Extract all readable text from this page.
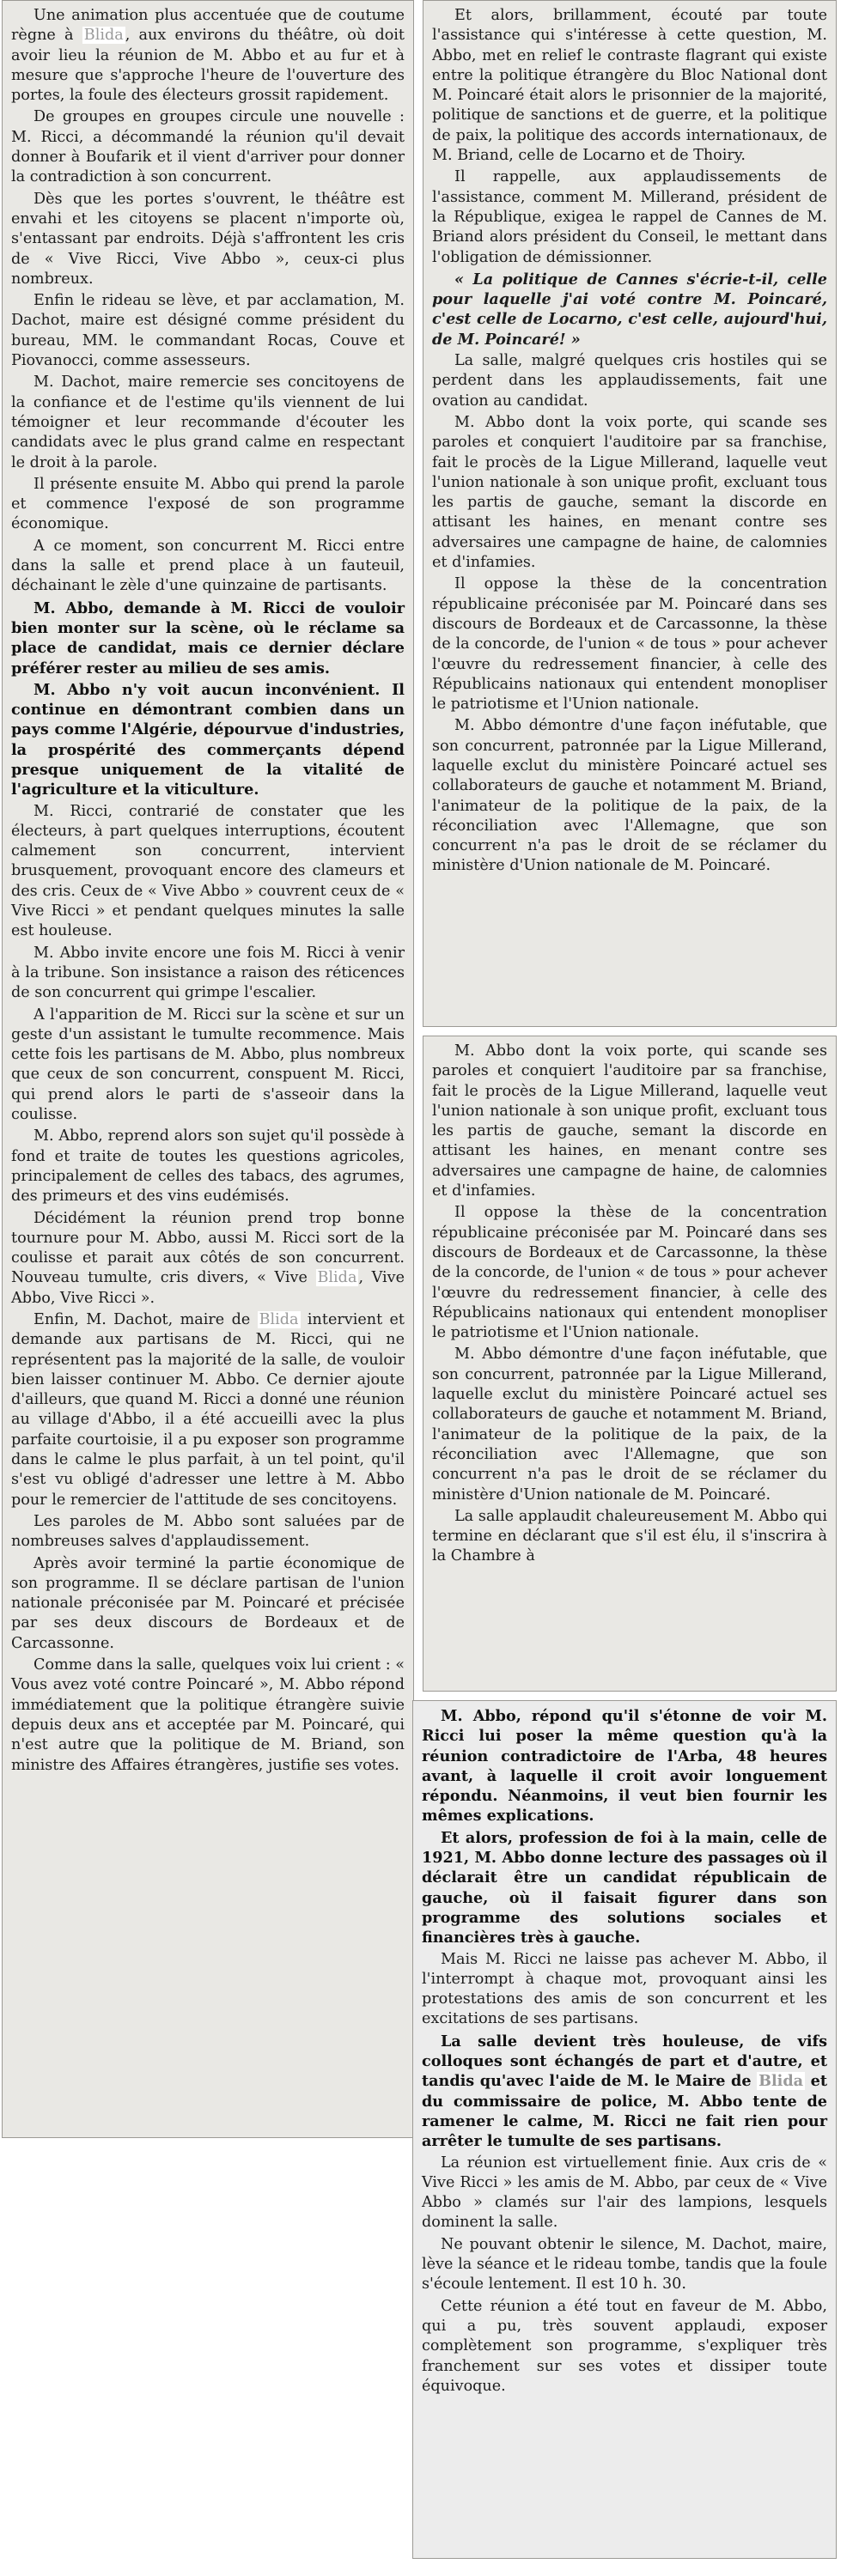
Une animation plus accentuée que de coutume règne à Blida , aux environs du théâtre, où doit avoir lieu la réunion de M. Abbo et au fur et à mesure que s'approche l'heure de l'ouverture des portes, la foule des électeurs grossit rapidement.

De groupes en groupes circule une nouvelle : M. Ricci, a décommandé la réunion qu'il devait donner à Boufarik et il vient d'arriver pour donner la contradiction à son concurrent.

Dès que les portes s'ouvrent, le théâtre est envahi et les citoyens se placent n'importe où, s'entassant par endroits. Déjà s'affrontent les cris de « Vive Ricci, Vive Abbo », ceux-ci plus nombreux.

Enfin le rideau se lève, et par acclamation, M. Dachot, maire est désigné comme président du bureau, MM. le commandant Rocas, Couve et Piovanocci, comme assesseurs.

M. Dachot, maire remercie ses concitoyens de la confiance et de l'estime qu'ils viennent de lui témoigner et leur recommande d'écouter les candidats avec le plus grand calme en respectant le droit à la parole.

Il présente ensuite M. Abbo qui prend la parole et commence l'exposé de son programme économique.

A ce moment, son concurrent M. Ricci entre dans la salle et prend place à un fauteuil, déchainant le zèle d'une quinzaine de partisants.

M. Abbo, demande à M. Ricci de vouloir bien monter sur la scène, où le réclame sa place de candidat, mais ce dernier déclare préférer rester au milieu de ses amis.

M. Abbo n'y voit aucun inconvénient. Il continue en démontrant combien dans un pays comme l'Algérie, dépourvue d'industries, la prospérité des commerçants dépend presque uniquement de la vitalité de l'agriculture et la viticulture.

M. Ricci, contrarié de constater que les électeurs, à part quelques interruptions, écoutent calmement son concurrent, intervient brusquement, provoquant encore des clameurs et des cris. Ceux de « Vive Abbo » couvrent ceux de « Vive Ricci » et pendant quelques minutes la salle est houleuse.

M. Abbo invite encore une fois M. Ricci à venir à la tribune. Son insistance a raison des réticences de son concurrent qui grimpe l'escalier.

A l'apparition de M. Ricci sur la scène et sur un geste d'un assistant le tumulte recommence. Mais cette fois les partisans de M. Abbo, plus nombreux que ceux de son concurrent, conspuent M. Ricci, qui prend alors le parti de s'asseoir dans la coulisse.

M. Abbo, reprend alors son sujet qu'il possède à fond et traite de toutes les questions agricoles, principalement de celles des tabacs, des agrumes, des primeurs et des vins eudémisés.

Décidément la réunion prend trop bonne tournure pour M. Abbo, aussi M. Ricci sort de la coulisse et parait aux côtés de son concurrent. Nouveau tumulte, cris divers, « Vive Blida , Vive Abbo, Vive Ricci ».

Enfin, M. Dachot, maire de Blida intervient et demande aux partisans de M. Ricci, qui ne représentent pas la majorité de la salle, de vouloir bien laisser continuer M. Abbo. Ce dernier ajoute d'ailleurs, que quand M. Ricci a donné une réunion au village d'Abbo, il a été accueilli avec la plus parfaite courtoisie, il a pu exposer son programme dans le calme le plus parfait, à un tel point, qu'il s'est vu obligé d'adresser une lettre à M. Abbo pour le remercier de l'attitude de ses concitoyens.

Les paroles de M. Abbo sont saluées par de nombreuses salves d'applaudissement.

Après avoir terminé la partie économique de son programme. Il se déclare partisan de l'union nationale préconisée par M. Poincaré et précisée par ses deux discours de Bordeaux et de Carcassonne.

Comme dans la salle, quelques voix lui crient : « Vous avez voté contre Poincaré », M. Abbo répond immédiatement que la politique étrangère suivie depuis deux ans et acceptée par M. Poincaré, qui n'est autre que la politique de M. Briand, son ministre des Affaires étrangères, justifie ses votes.

Et alors, brillamment, écouté par toute l'assistance qui s'intéresse à cette question, M. Abbo, met en relief le contraste flagrant qui existe entre la politique étrangère du Bloc National dont M. Poincaré était alors le prisonnier de la majorité, politique de sanctions et de guerre, et la politique de paix, la politique des accords internationaux, de M. Briand, celle de Locarno et de Thoiry.

Il rappelle, aux applaudissements de l'assistance, comment M. Millerand, président de la République, exigea le rappel de Cannes de M. Briand alors président du Conseil, le mettant dans l'obligation de démissionner.

« La politique de Cannes s'écrie-t-il, celle pour laquelle j'ai voté contre M. Poincaré, c'est celle de Locarno, c'est celle, aujourd'hui, de M. Poincaré! »

La salle, malgré quelques cris hostiles qui se perdent dans les applaudissements, fait une ovation au candidat.

M. Abbo dont la voix porte, qui scande ses paroles et conquiert l'auditoire par sa franchise, fait le procès de la Ligue Millerand, laquelle veut l'union nationale à son unique profit, excluant tous les partis de gauche, semant la discorde en attisant les haines, en menant contre ses adversaires une campagne de haine, de calomnies et d'infamies.

Il oppose la thèse de la concentration républicaine préconisée par M. Poincaré dans ses discours de Bordeaux et de Carcassonne, la thèse de la concorde, de l'union « de tous » pour achever l'œuvre du redressement financier, à celle des Républicains nationaux qui entendent monopliser le patriotisme et l'Union nationale.

M. Abbo démontre d'une façon inéfutable, que son concurrent, patronnée par la Ligue Millerand, laquelle exclut du ministère Poincaré actuel ses collaborateurs de gauche et notamment M. Briand, l'animateur de la politique de la paix, de la réconciliation avec l'Allemagne, que son concurrent n'a pas le droit de se réclamer du ministère d'Union nationale de M. Poincaré.

M. Abbo dont la voix porte, qui scande ses paroles et conquiert l'auditoire par sa franchise, fait le procès de la Ligue Millerand, laquelle veut l'union nationale à son unique profit, excluant tous les partis de gauche, semant la discorde en attisant les haines, en menant contre ses adversaires une campagne de haine, de calomnies et d'infamies.

Il oppose la thèse de la concentration républicaine préconisée par M. Poincaré dans ses discours de Bordeaux et de Carcassonne, la thèse de la concorde, de l'union « de tous » pour achever l'œuvre du redressement financier, à celle des Républicains nationaux qui entendent monopliser le patriotisme et l'Union nationale.

M. Abbo démontre d'une façon inéfutable, que son concurrent, patronnée par la Ligue Millerand, laquelle exclut du ministère Poincaré actuel ses collaborateurs de gauche et notamment M. Briand, l'animateur de la politique de la paix, de la réconciliation avec l'Allemagne, que son concurrent n'a pas le droit de se réclamer du ministère d'Union nationale de M. Poincaré.

La salle applaudit chaleureusement M. Abbo qui termine en déclarant que s'il est élu, il s'inscrira à la Chambre à

M. Abbo, répond qu'il s'étonne de voir M. Ricci lui poser la même question qu'à la réunion contradictoire de l'Arba, 48 heures avant, à laquelle il croit avoir longuement répondu. Néanmoins, il veut bien fournir les mêmes explications.

Et alors, profession de foi à la main, celle de 1921, M. Abbo donne lecture des passages où il déclarait être un candidat républicain de gauche, où il faisait figurer dans son programme des solutions sociales et financières très à gauche.

Mais M. Ricci ne laisse pas achever M. Abbo, il l'interrompt à chaque mot, provoquant ainsi les protestations des amis de son concurrent et les excitations de ses partisans.

La salle devient très houleuse, de vifs colloques sont échangés de part et d'autre, et tandis qu'avec l'aide de M. le Maire de Blida et du commissaire de police, M. Abbo tente de ramener le calme, M. Ricci ne fait rien pour arrêter le tumulte de ses partisans.

La réunion est virtuellement finie. Aux cris de « Vive Ricci » les amis de M. Abbo, par ceux de « Vive Abbo » clamés sur l'air des lampions, lesquels dominent la salle.

Ne pouvant obtenir le silence, M. Dachot, maire, lève la séance et le rideau tombe, tandis que la foule s'écoule lentement. Il est 10 h. 30.

Cette réunion a été tout en faveur de M. Abbo, qui a pu, très souvent applaudi, exposer complètement son programme, s'expliquer très franchement sur ses votes et dissiper toute équivoque.
